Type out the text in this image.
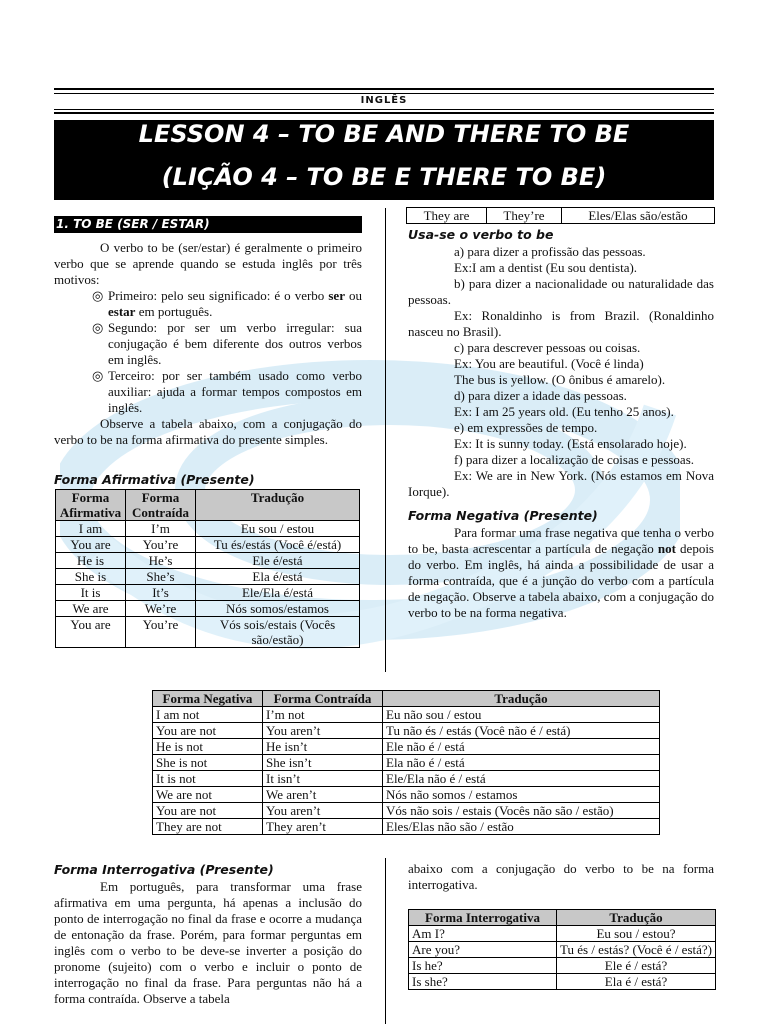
INGLÊS
LESSON 4 – TO BE AND THERE TO BE
(LIÇÃO 4 – TO BE E THERE TO BE)
1. TO BE (SER / ESTAR)

O verbo to be (ser/estar) é geralmente o primeiro verbo que se aprende quando se estuda inglês por três motivos:

◎ Primeiro: pelo seu significado: é o verbo ser ou estar em português.
◎ Segundo: por ser um verbo irregular: sua conjugação é bem diferente dos outros verbos em inglês.
◎ Terceiro: por ser também usado como verbo auxiliar: ajuda a formar tempos compostos em inglês.

Observe a tabela abaixo, com a conjugação do verbo to be na forma afirmativa do presente simples.

Forma Afirmativa (Presente)
Forma Afirmativa	Forma Contraída	Tradução
I am	I’m	Eu sou / estou
You are	You’re	Tu és/estás (Você é/está)
He is	He’s	Ele é/está
She is	She’s	Ela é/está
It is	It’s	Ele/Ela é/está
We are	We’re	Nós somos/estamos
You are	You’re	Vós sois/estais (Vocês são/estão)
They are	They’re	Eles/Elas são/estão
Usa-se o verbo to be

a) para dizer a profissão das pessoas.

Ex:I am a dentist (Eu sou dentista).

b) para dizer a nacionalidade ou naturalidade das pessoas.

Ex: Ronaldinho is from Brazil. (Ronaldinho nasceu no Brasil).

c) para descrever pessoas ou coisas.

Ex: You are beautiful. (Você é linda)

The bus is yellow. (O ônibus é amarelo).

d) para dizer a idade das pessoas.

Ex: I am 25 years old. (Eu tenho 25 anos).

e) em expressões de tempo.

Ex: It is sunny today. (Está ensolarado hoje).

f) para dizer a localização de coisas e pessoas.

Ex: We are in New York. (Nós estamos em Nova Iorque).

Forma Negativa (Presente)

Para formar uma frase negativa que tenha o verbo to be, basta acrescentar a partícula de negação not depois do verbo. Em inglês, há ainda a possibilidade de usar a forma contraída, que é a junção do verbo com a partícula de negação. Observe a tabela abaixo, com a conjugação do verbo to be na forma negativa.

Forma Negativa	Forma Contraída	Tradução
I am not	I’m not	Eu não sou / estou
You are not	You aren’t	Tu não és / estás (Você não é / está)
He is not	He isn’t	Ele não é / está
She is not	She isn’t	Ela não é / está
It is not	It isn’t	Ele/Ela não é / está
We are not	We aren’t	Nós não somos / estamos
You are not	You aren’t	Vós não sois / estais (Vocês não são / estão)
They are not	They aren’t	Eles/Elas não são / estão
Forma Interrogativa (Presente)

Em português, para transformar uma frase afirmativa em uma pergunta, há apenas a inclusão do ponto de interrogação no final da frase e ocorre a mudança de entonação da frase. Porém, para formar perguntas em inglês com o verbo to be deve-se inverter a posição do pronome (sujeito) com o verbo e incluir o ponto de interrogação no final da frase. Para perguntas não há a forma contraída. Observe a tabela

abaixo com a conjugação do verbo to be na forma interrogativa.

Forma Interrogativa	Tradução
Am I?	Eu sou / estou?
Are you?	Tu és / estás? (Você é / está?)
Is he?	Ele é / está?
Is she?	Ela é / está?
